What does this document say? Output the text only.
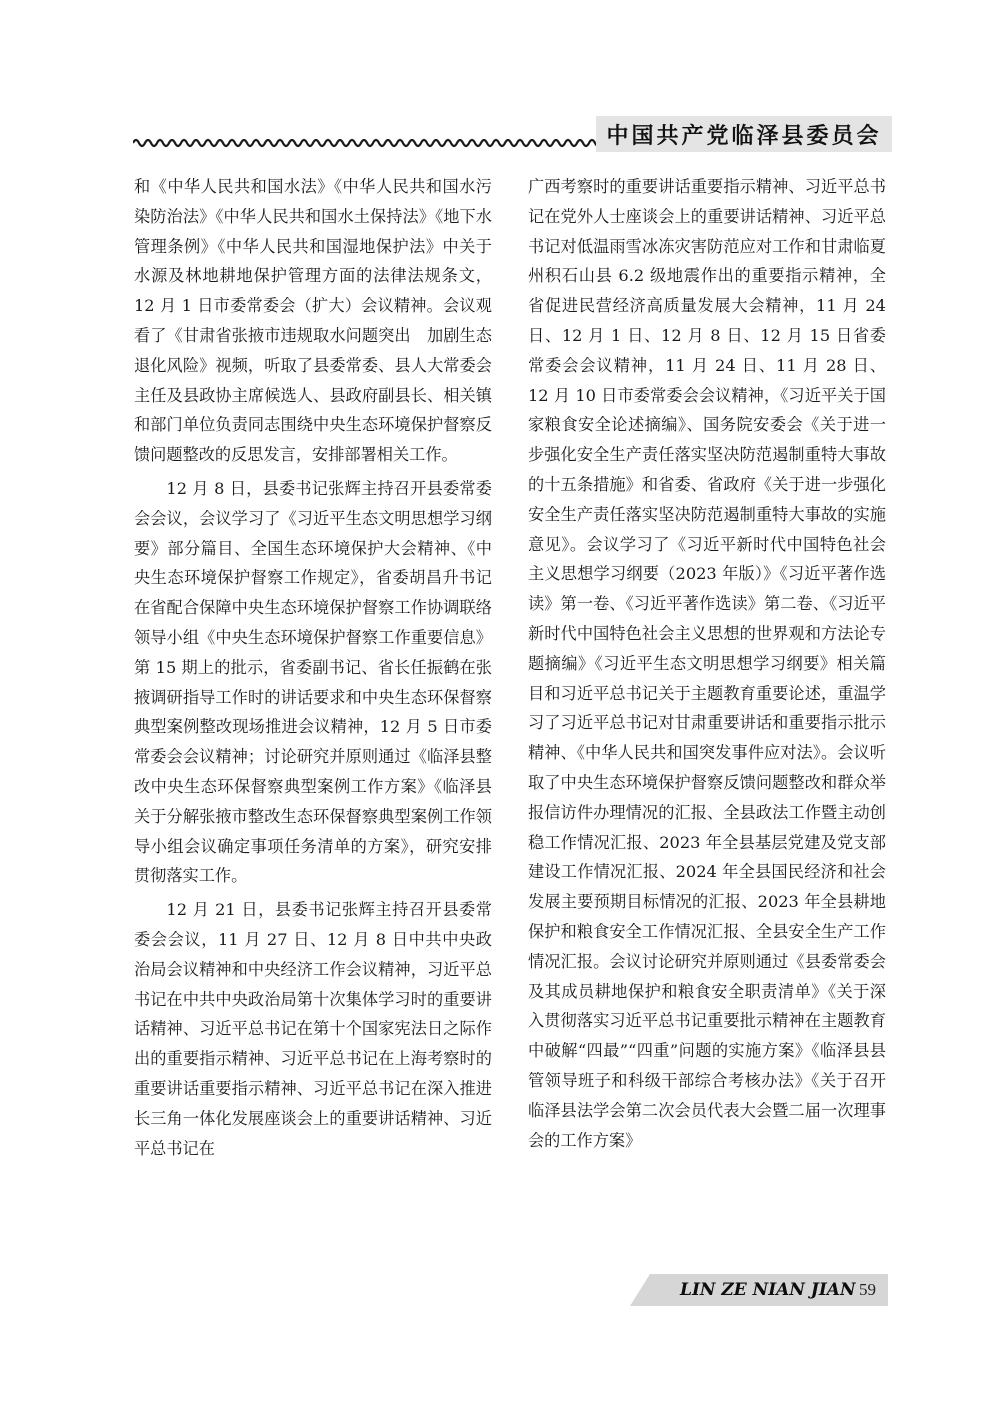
中国共产党临泽县委员会

和《中华人民共和国水法》《中华人民共和国水污染防治法》《中华人民共和国水土保持法》《地下水管理条例》《中华人民共和国湿地保护法》中关于水源及林地耕地保护管理方面的法律法规条文，12 月 1 日市委常委会（扩大）会议精神。会议观看了《甘肃省张掖市违规取水问题突出　加剧生态退化风险》视频，听取了县委常委、县人大常委会主任及县政协主席候选人、县政府副县长、相关镇和部门单位负责同志围绕中央生态环境保护督察反馈问题整改的反思发言，安排部署相关工作。

12 月 8 日，县委书记张辉主持召开县委常委会会议，会议学习了《习近平生态文明思想学习纲要》部分篇目、全国生态环境保护大会精神、《中央生态环境保护督察工作规定》，省委胡昌升书记在省配合保障中央生态环境保护督察工作协调联络领导小组《中央生态环境保护督察工作重要信息》第 15 期上的批示，省委副书记、省长任振鹤在张掖调研指导工作时的讲话要求和中央生态环保督察典型案例整改现场推进会议精神，12 月 5 日市委常委会会议精神；讨论研究并原则通过《临泽县整改中央生态环保督察典型案例工作方案》《临泽县关于分解张掖市整改生态环保督察典型案例工作领导小组会议确定事项任务清单的方案》，研究安排贯彻落实工作。

12 月 21 日，县委书记张辉主持召开县委常委会会议，11 月 27 日、12 月 8 日中共中央政治局会议精神和中央经济工作会议精神，习近平总书记在中共中央政治局第十次集体学习时的重要讲话精神、习近平总书记在第十个国家宪法日之际作出的重要指示精神、习近平总书记在上海考察时的重要讲话重要指示精神、习近平总书记在深入推进长三角一体化发展座谈会上的重要讲话精神、习近平总书记在

广西考察时的重要讲话重要指示精神、习近平总书记在党外人士座谈会上的重要讲话精神、习近平总书记对低温雨雪冰冻灾害防范应对工作和甘肃临夏州积石山县 6.2 级地震作出的重要指示精神，全省促进民营经济高质量发展大会精神，11 月 24 日、12 月 1 日、12 月 8 日、12 月 15 日省委常委会会议精神，11 月 24 日、11 月 28 日、12 月 10 日市委常委会会议精神，《习近平关于国家粮食安全论述摘编》、国务院安委会《关于进一步强化安全生产责任落实坚决防范遏制重特大事故的十五条措施》和省委、省政府《关于进一步强化安全生产责任落实坚决防范遏制重特大事故的实施意见》。会议学习了《习近平新时代中国特色社会主义思想学习纲要（2023 年版）》《习近平著作选读》第一卷、《习近平著作选读》第二卷、《习近平新时代中国特色社会主义思想的世界观和方法论专题摘编》《习近平生态文明思想学习纲要》相关篇目和习近平总书记关于主题教育重要论述，重温学习了习近平总书记对甘肃重要讲话和重要指示批示精神、《中华人民共和国突发事件应对法》。会议听取了中央生态环境保护督察反馈问题整改和群众举报信访件办理情况的汇报、全县政法工作暨主动创稳工作情况汇报、2023 年全县基层党建及党支部建设工作情况汇报、2024 年全县国民经济和社会发展主要预期目标情况的汇报、2023 年全县耕地保护和粮食安全工作情况汇报、全县安全生产工作情况汇报。会议讨论研究并原则通过《县委常委会及其成员耕地保护和粮食安全职责清单》《关于深入贯彻落实习近平总书记重要批示精神在主题教育中破解“四最”“四重”问题的实施方案》《临泽县县管领导班子和科级干部综合考核办法》《关于召开临泽县法学会第二次会员代表大会暨二届一次理事会的工作方案》

LIN ZE NIAN JIAN 59
